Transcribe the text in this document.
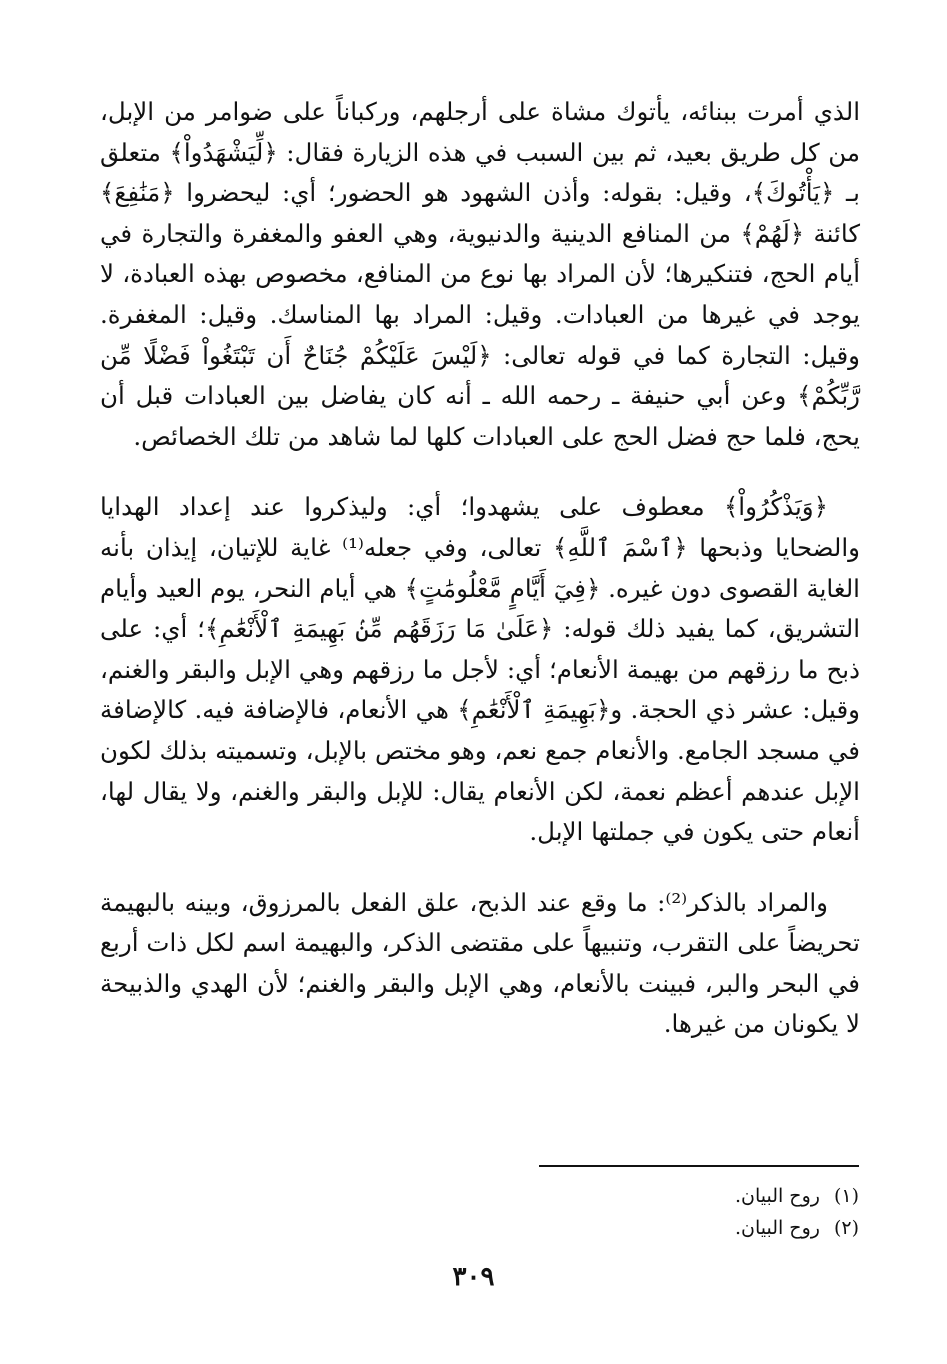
الذي أمرت ببنائه، يأتوك مشاة على أرجلهم، وركباناً على ضوامر من الإبل، من كل طريق بعيد، ثم بين السبب في هذه الزيارة فقال: ﴿لِّيَشْهَدُواْ﴾ متعلق بـ ﴿يَأْتُوكَ﴾، وقيل: بقوله: وأذن الشهود هو الحضور؛ أي: ليحضروا ﴿مَنَٰفِعَ﴾ كائنة ﴿لَهُمْ﴾ من المنافع الدينية والدنيوية، وهي العفو والمغفرة والتجارة في أيام الحج، فتنكيرها؛ لأن المراد بها نوع من المنافع، مخصوص بهذه العبادة، لا يوجد في غيرها من العبادات. وقيل: المراد بها المناسك. وقيل: المغفرة. وقيل: التجارة كما في قوله تعالى: ﴿لَيْسَ عَلَيْكُمْ جُنَاحٌ أَن تَبْتَغُواْ فَضْلًا مِّن رَّبِّكُمْ﴾ وعن أبي حنيفة ـ رحمه الله ـ أنه كان يفاضل بين العبادات قبل أن يحج، فلما حج فضل الحج على العبادات كلها لما شاهد من تلك الخصائص.

﴿وَيَذْكُرُواْ﴾ معطوف على يشهدوا؛ أي: وليذكروا عند إعداد الهدايا والضحايا وذبحها ﴿ٱسْمَ ٱللَّهِ﴾ تعالى، وفي جعله⁽¹⁾ غاية للإتيان، إيذان بأنه الغاية القصوى دون غيره. ﴿فِيٓ أَيَّامٍ مَّعْلُومَٰتٍ﴾ هي أيام النحر، يوم العيد وأيام التشريق، كما يفيد ذلك قوله: ﴿عَلَىٰ مَا رَزَقَهُم مِّنۢ بَهِيمَةِ ٱلْأَنْعَٰمِ﴾؛ أي: على ذبح ما رزقهم من بهيمة الأنعام؛ أي: لأجل ما رزقهم وهي الإبل والبقر والغنم، وقيل: عشر ذي الحجة. و﴿بَهِيمَةِ ٱلْأَنْعَٰمِ﴾ هي الأنعام، فالإضافة فيه. كالإضافة في مسجد الجامع. والأنعام جمع نعم، وهو مختص بالإبل، وتسميته بذلك لكون الإبل عندهم أعظم نعمة، لكن الأنعام يقال: للإبل والبقر والغنم، ولا يقال لها، أنعام حتى يكون في جملتها الإبل.

والمراد بالذكر⁽²⁾: ما وقع عند الذبح، علق الفعل بالمرزوق، وبينه بالبهيمة تحريضاً على التقرب، وتنبيهاً على مقتضى الذكر، والبهيمة اسم لكل ذات أربع في البحر والبر، فبينت بالأنعام، وهي الإبل والبقر والغنم؛ لأن الهدي والذبيحة لا يكونان من غيرها.

(١)
روح البيان.
(٢)
روح البيان.
٣٠٩
